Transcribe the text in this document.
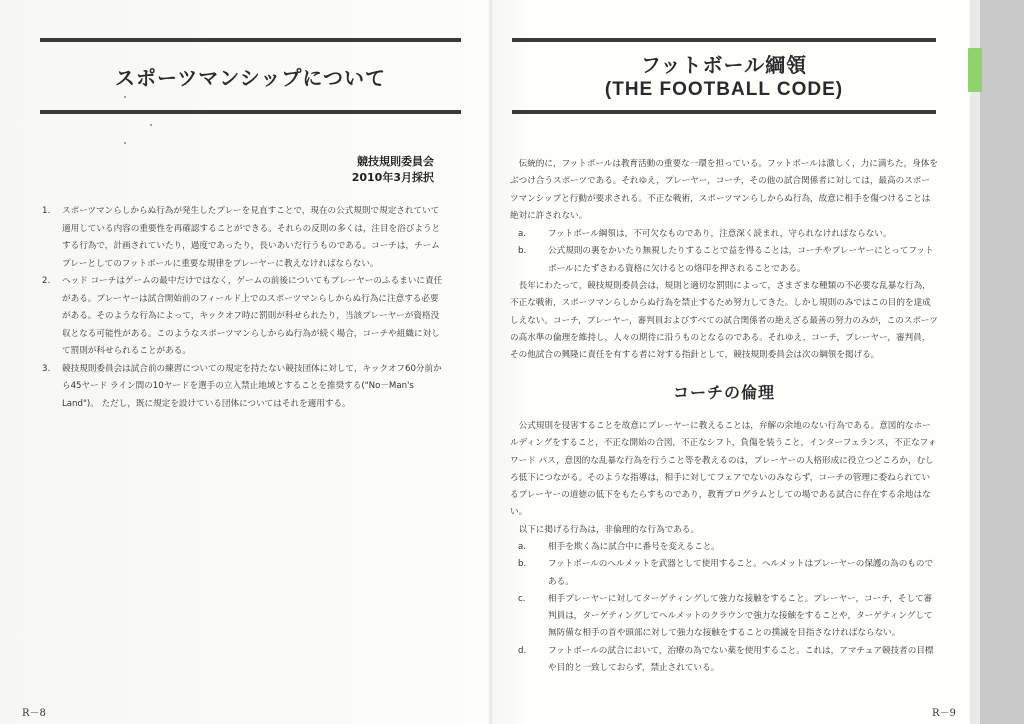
スポーツマンシップについて
競技規則委員会
2010年3月採択
1. スポーツマンらしからぬ行為が発生したプレーを見直すことで，現在の公式規則で規定されていて適用している内容の重要性を再確認することができる。それらの反則の多くは，注目を浴びようとする行為で，計画されていたり，過度であったり，長いあいだ行うものである。コーチは，チーム プレーとしてのフットボールに重要な規律をプレーヤーに教えなければならない。
2. ヘッド コーチはゲームの最中だけではなく，ゲームの前後についてもプレーヤーのふるまいに責任がある。プレーヤーは試合開始前のフィールド上でのスポーツマンらしからぬ行為に注意する必要がある。そのような行為によって，キックオフ時に罰則が科せられたり，当該プレーヤーが資格没収となる可能性がある。このようなスポーツマンらしからぬ行為が続く場合，コーチや組織に対して罰則が科せられることがある。
3. 競技規則委員会は試合前の練習についての規定を持たない競技団体に対して，キックオフ60分前から45ヤード ライン間の10ヤードを選手の立入禁止地域とすることを推奨する("No－Man's Land")。 ただし，既に規定を設けている団体についてはそれを適用する。
R－8
フットボール綱領
(THE FOOTBALL CODE)

伝統的に，フットボールは教育活動の重要な一環を担っている。フットボールは激しく，力に満ちた，身体をぶつけ合うスポーツである。それゆえ，プレーヤー，コーチ，その他の試合関係者に対しては，最高のスポーツマンシップと行動が要求される。不正な戦術，スポーツマンらしからぬ行為，故意に相手を傷つけることは絶対に許されない。

a.	フットボール綱領は，不可欠なものであり，注意深く読まれ，守られなければならない。
b.	公式規則の裏をかいたり無視したりすることで益を得ることは，コーチやプレーヤーにとってフットボールにたずさわる資格に欠けるとの烙印を押されることである。

長年にわたって，競技規則委員会は，規則と適切な罰則によって，さまざまな種類の不必要な乱暴な行為，不正な戦術，スポーツマンらしからぬ行為を禁止するため努力してきた。しかし規則のみではこの目的を達成しえない。コーチ，プレーヤー，審判員およびすべての試合関係者の絶えざる最善の努力のみが，このスポーツの高水準の倫理を維持し，人々の期待に沿うものとなるのである。それゆえ，コーチ，プレーヤー，審判員，その他試合の興隆に責任を有する者に対する指針として，競技規則委員会は次の綱領を掲げる。

コーチの倫理

公式規則を侵害することを故意にプレーヤーに教えることは，弁解の余地のない行為である。意図的なホールディングをすること，不正な開始の合図，不正なシフト，負傷を装うこと，インターフェランス，不正なフォワード パス，意図的な乱暴な行為を行うこと等を教えるのは，プレーヤーの人格形成に役立つどころか，むしろ低下につながる。そのような指導は，相手に対してフェアでないのみならず，コーチの管理に委ねられているプレーヤーの道徳の低下をもたらすものであり，教育プログラムとしての場である試合に存在する余地はない。

以下に掲げる行為は，非倫理的な行為である。

a.	相手を欺く為に試合中に番号を変えること。
b.	フットボールのヘルメットを武器として使用すること。ヘルメットはプレーヤーの保護の為のものである。
c.	相手プレーヤーに対してターゲティングして強力な接触をすること。プレーヤー，コーチ，そして審判員は，ターゲティングしてヘルメットのクラウンで強力な接触をすることや，ターゲティングして無防備な相手の首や頭部に対して強力な接触をすることの撲滅を目指さなければならない。
d.	フットボールの試合において，治療の為でない薬を使用すること。これは，アマチュア競技者の目標や目的と一致しておらず，禁止されている。
R－9
